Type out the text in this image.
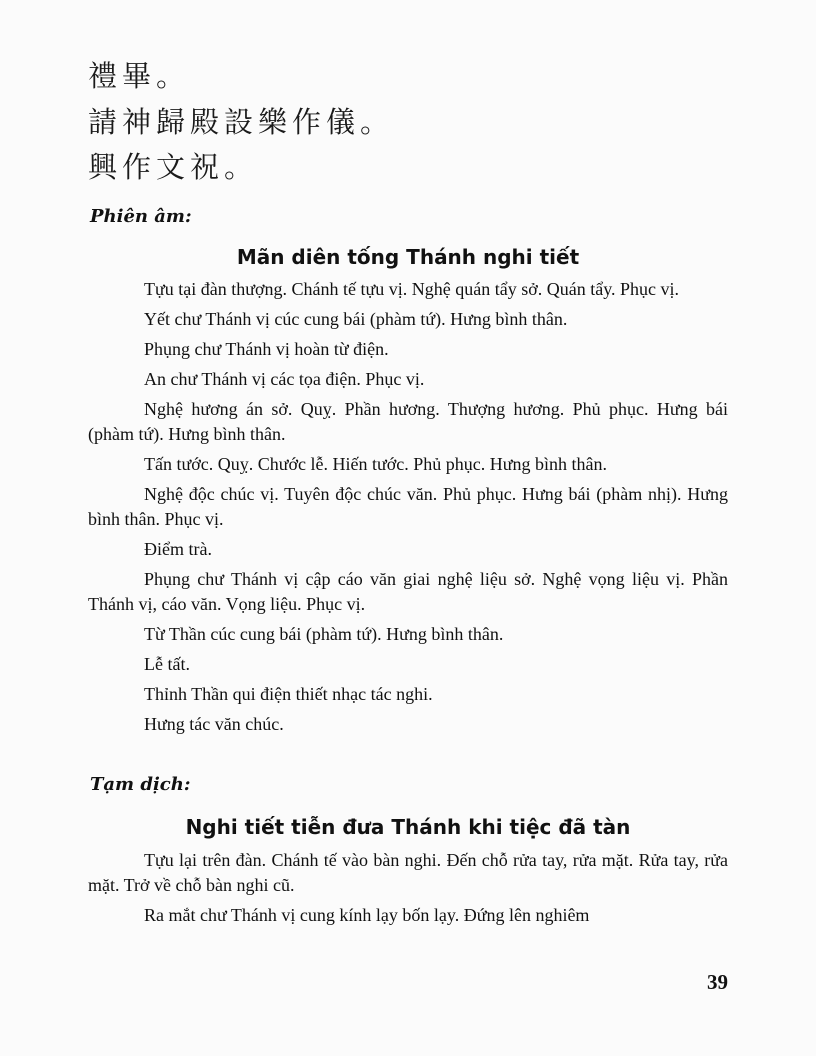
禮畢。
請神歸殿設樂作儀。
興作文祝。
Phiên âm:
Mãn diên tống Thánh nghi tiết

Tựu tại đàn thượng. Chánh tế tựu vị. Nghệ quán tẩy sở. Quán tẩy. Phục vị.

Yết chư Thánh vị cúc cung bái (phàm tứ). Hưng bình thân.

Phụng chư Thánh vị hoàn từ điện.

An chư Thánh vị các tọa điện. Phục vị.

Nghệ hương án sở. Quỵ. Phần hương. Thượng hương. Phủ phục. Hưng bái (phàm tứ). Hưng bình thân.

Tấn tước. Quỵ. Chước lễ. Hiến tước. Phủ phục. Hưng bình thân.

Nghệ độc chúc vị. Tuyên độc chúc văn. Phủ phục. Hưng bái (phàm nhị). Hưng bình thân. Phục vị.

Điểm trà.

Phụng chư Thánh vị cập cáo văn giai nghệ liệu sở. Nghệ vọng liệu vị. Phần Thánh vị, cáo văn. Vọng liệu. Phục vị.

Từ Thần cúc cung bái (phàm tứ). Hưng bình thân.

Lễ tất.

Thỉnh Thần qui điện thiết nhạc tác nghi.

Hưng tác văn chúc.

Tạm dịch:
Nghi tiết tiễn đưa Thánh khi tiệc đã tàn

Tựu lại trên đàn. Chánh tế vào bàn nghi. Đến chỗ rửa tay, rửa mặt. Rửa tay, rửa mặt. Trở về chỗ bàn nghi cũ.

Ra mắt chư Thánh vị cung kính lạy bốn lạy. Đứng lên nghiêm

39
